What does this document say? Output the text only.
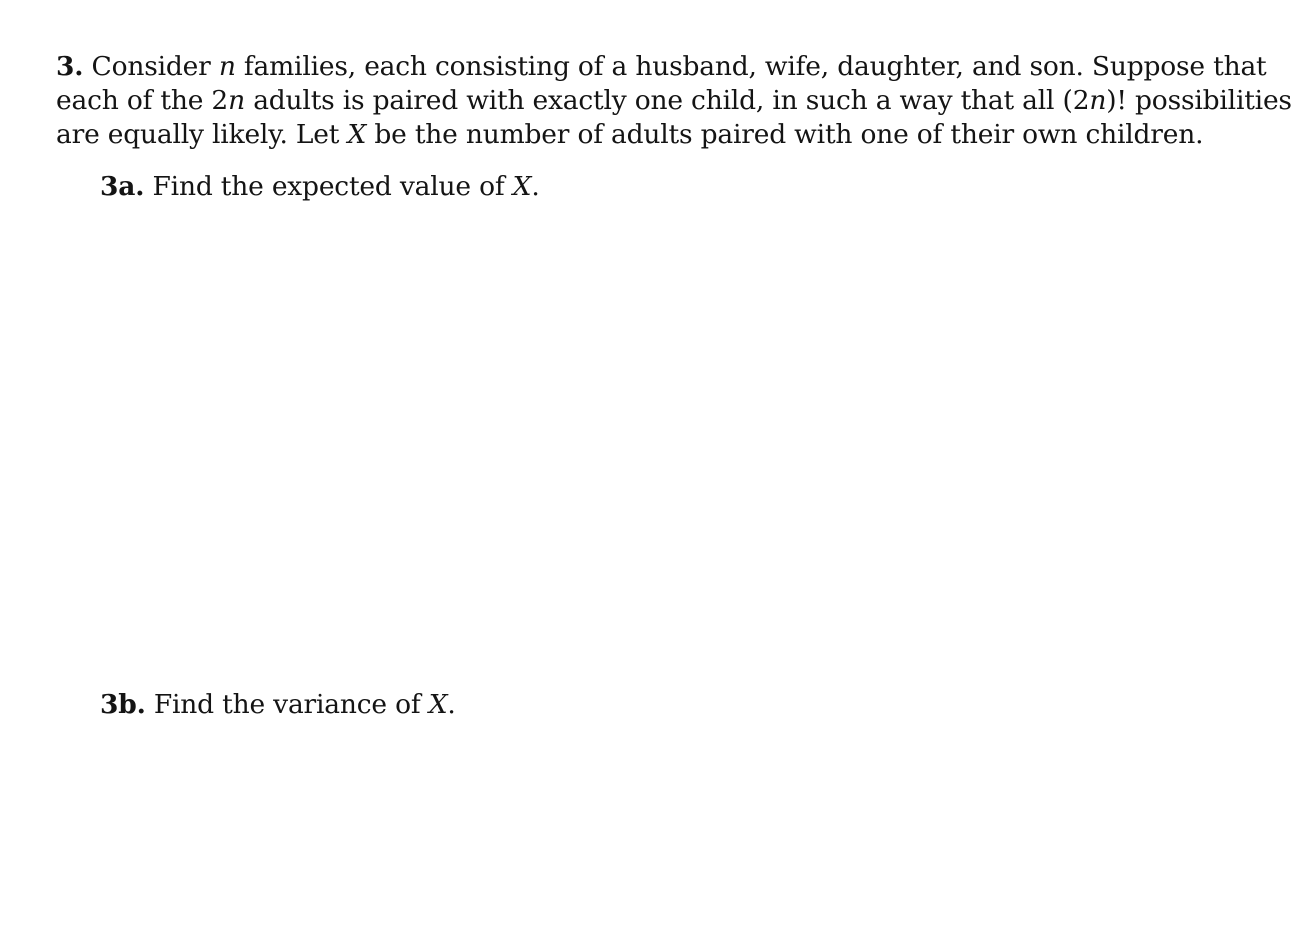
3. Consider n families, each consisting of a husband, wife, daughter, and son. Suppose that
each of the 2n adults is paired with exactly one child, in such a way that all (2n)! possibilities
are equally likely. Let X be the number of adults paired with one of their own children.
3a. Find the expected value of X.
3b. Find the variance of X.
